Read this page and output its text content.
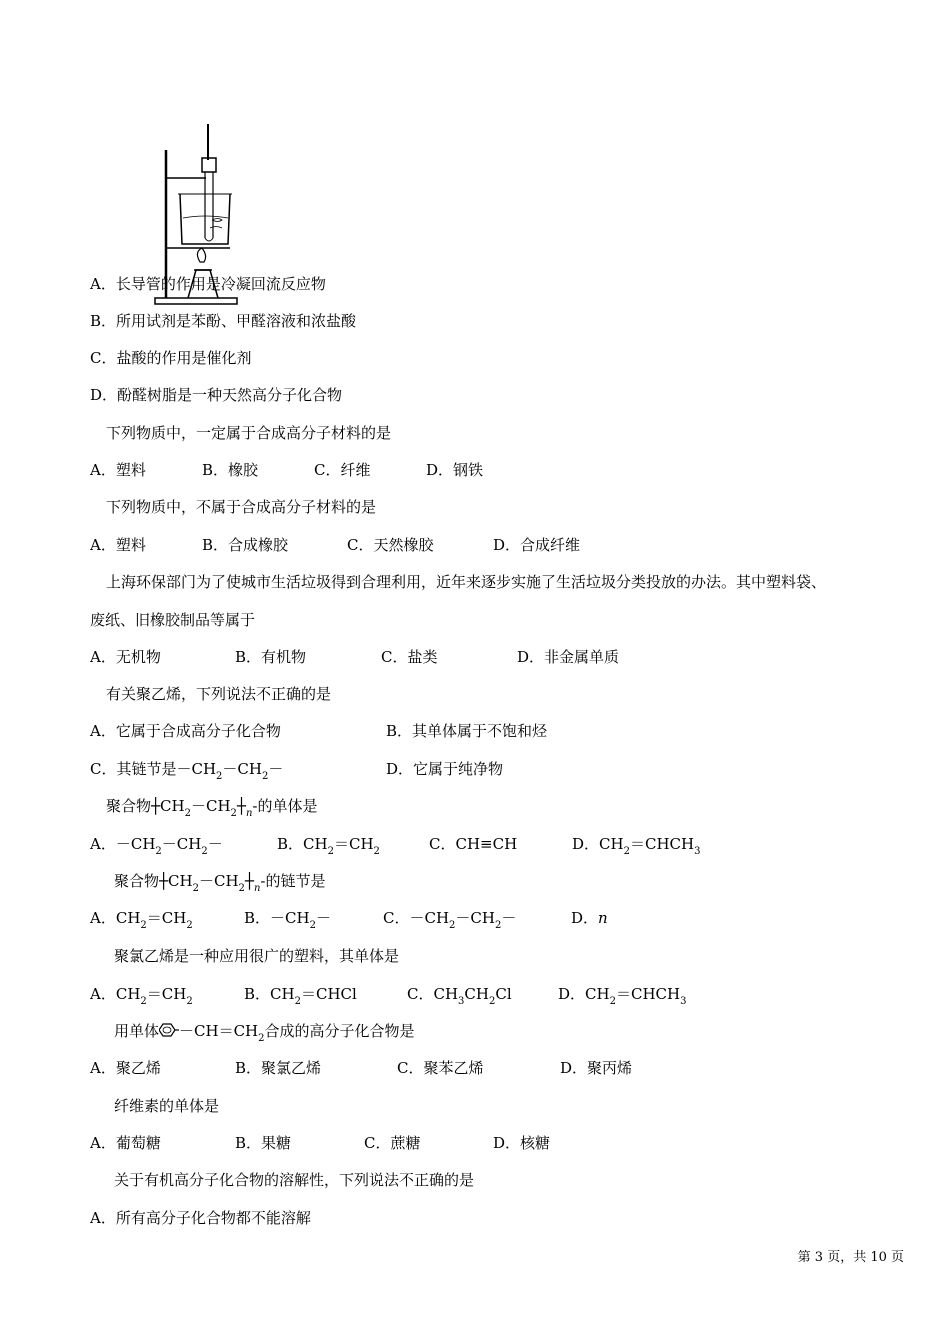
A．长导管的作用是冷凝回流反应物
B．所用试剂是苯酚、甲醛溶液和浓盐酸
C．盐酸的作用是催化剂
D．酚醛树脂是一种天然高分子化合物
下列物质中，一定属于合成高分子材料的是
A．塑料	B．橡胶	C．纤维	D．钢铁
下列物质中，不属于合成高分子材料的是
A．塑料	B．合成橡胶	C．天然橡胶	D．合成纤维
上海环保部门为了使城市生活垃圾得到合理利用，近年来逐步实施了生活垃圾分类投放的办法。其中塑料袋、
废纸、旧橡胶制品等属于
A．无机物	B．有机物	C．盐类	D．非金属单质
有关聚乙烯，下列说法不正确的是
A．它属于合成高分子化合物	B．其单体属于不饱和烃
C．其链节是$-CH_2-CH_2-$	D．它属于纯净物
聚合物$┼CH_2-CH_2┼_n-$的单体是
A．$-CH_2-CH_2-$	B．$CH_2=CH_2$	C．CH≡CH	D．$CH_2=CHCH_3$
聚合物$┼CH_2-CH_2┼_n-$的链节是
A．$CH_2=CH_2$	B．$-CH_2-$	C．$-CH_2-CH_2-$	D．n
聚氯乙烯是一种应用很广的塑料，其单体是
A．$CH_2=CH_2$	B．$CH_2=CHCl$	C．$CH_3CH_2Cl$	D．$CH_2=CHCH_3$
用单体 $-CH=CH_2$合成的高分子化合物是
A．聚乙烯	B．聚氯乙烯	C．聚苯乙烯	D．聚丙烯
纤维素的单体是
A．葡萄糖	B．果糖	C．蔗糖	D．核糖
关于有机高分子化合物的溶解性，下列说法不正确的是
A．所有高分子化合物都不能溶解
第 3 页，共 10 页
